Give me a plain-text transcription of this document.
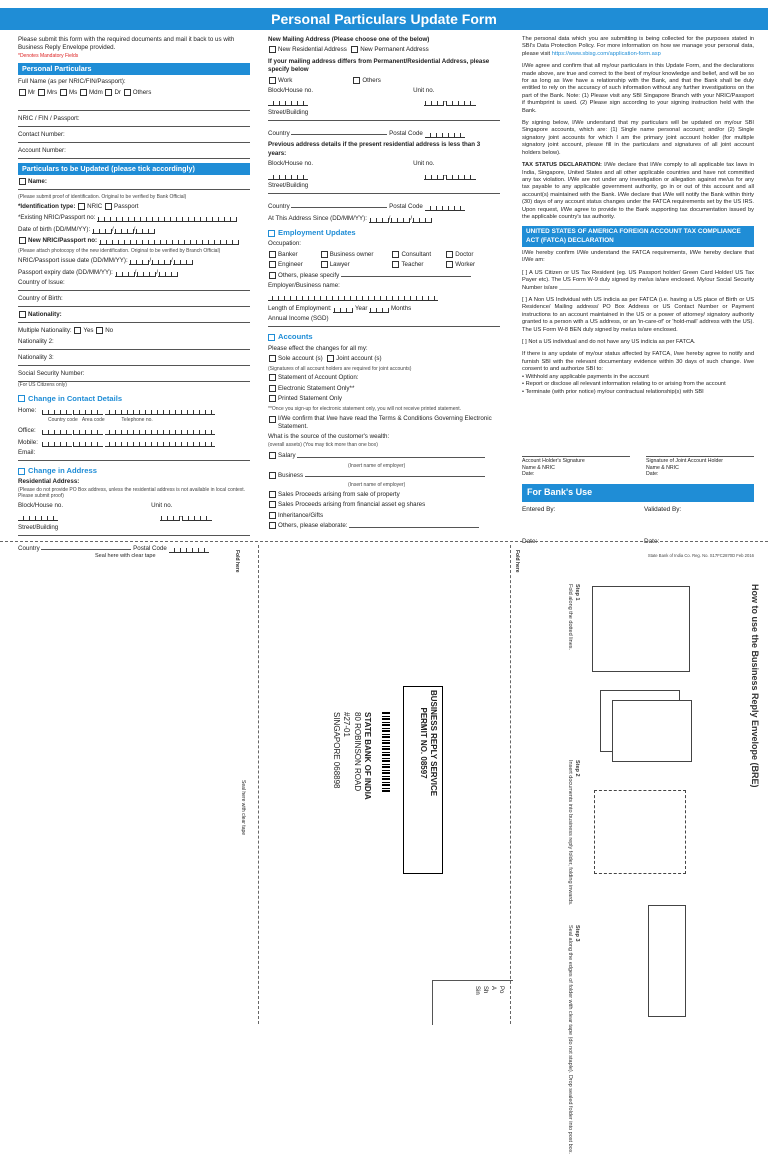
Personal Particulars Update Form
Please submit this form with the required documents and mail it back to us with Business Reply Envelope provided.
*Denotes Mandatory Fields
Personal Particulars
Full Name (as per NRIC/FIN/Passport):
Mr Mrs Ms Mdm Dr Others
NRIC / FIN / Passport:
Contact Number:
Account Number:
Particulars to be Updated (please tick accordingly)
Name:
(Please submit proof of identification. Original to be verified by Bank Official)
*Identification type: NRIC Passport
*Existing NRIC/Passport no:
Date of birth (DD/MM/YY):
New NRIC/Passport no:
(Please attach photocopy of the new identification. Original to be verified by Branch Official)
NRIC/Passport issue date (DD/MM/YY):
Passport expiry date (DD/MM/YY):
Country of Issue:
Country of Birth:
Nationality:
Multiple Nationality: Yes No
Nationality 2:
Nationality 3:
Social Security Number:
(For US Citizens only)
Change in Contact Details
Home:
Country code Area code	Telephone no.
Office:
Mobile:
Email:
Change in Address
Residential Address:
(Please do not provide PO Box address, unless the residential address is not available in local context. Please submit proof)
Block/House no.	Unit no.
-
Street/Building
Country	Postal Code
New Mailing Address (Please choose one of the below)
New Residential Address New Permanent Address
If your mailing address differs from Permanent/Residential Address, please specify below
Work	Others
Block/House no.	Unit no.
-
Street/Building
Country	Postal Code
Previous address details if the present residential address is less than 3 years:
Block/House no.	Unit no.
-
Street/Building
Country	Postal Code
At This Address Since (DD/MM/YY):
Employment Updates
Occupation:
Banker	Business owner	Consultant	Doctor
Engineer	Lawyer	Teacher	Worker
Others, please specify
Employer/Business name:
Length of Employment:	Year	Months
Annual Income (SGD)
Accounts
Please effect the changes for all my:
Sole account (s) Joint account (s)
(Signatures of all account holders are required for joint accounts)
Statement of Account Option:
Electronic Statement Only**
Printed Statement Only
**Once you sign-up for electronic statement only, you will not receive printed statement.
I/We confirm that I/we have read the Terms & Conditions Governing Electronic Statement.
What is the source of the customer's wealth:
(overall assets) (You may tick more than one box)
Salary
(Insert name of employer)
Business
(Insert name of employer)
Sales Proceeds arising from sale of property
Sales Proceeds arising from financial asset eg shares
Inheritance/Gifts
Others, please elaborate:
The personal data which you are submitting is being collected for the purposes stated in SBI's Data Protection Policy. For more information on how we manage your personal data, please visit https://www.sbisg.com/application-form.asp
I/We agree and confirm that all my/our particulars in this Update Form, and the declarations made above, are true and correct to the best of my/our knowledge and belief, and will be so for as long as I/we have a relationship with the Bank, and that the Bank shall be duly entitled to rely on the accuracy of such information without any further investigations on the part of the Bank. Note: (1) Please visit any SBI Singapore Branch with your NRIC/Passport if thumbprint is used. (2) Please sign according to your signing instruction held with the Bank.
By signing below, I/We understand that my particulars will be updated on my/our SBI Singapore accounts, which are: (1) Single name personal account; and/or (2) Single signatory joint accounts for which I am the primary joint account holder (for multiple signatory joint account, please fill in the particulars and signatures of all joint account holders below).
TAX STATUS DECLARATION: I/We declare that I/We comply to all applicable tax laws in India, Singapore, United States and all other applicable countries and have not committed any tax violation. I/We are not under any investigation or allegation against me/us for any tax payable to any applicable government authority, go in or out of this account and all account(s) maintained with the Bank. I/We declare that I/We will notify the Bank within thirty (30) days of any account status changes under the FATCA requirements set by the US IRS. Upon request, I/We agree to provide to the Bank supporting tax documentation issued by the applicable country's tax authority.
UNITED STATES OF AMERICA FOREIGN ACCOUNT TAX COMPLIANCE ACT (FATCA) DECLARATION
I/We hereby confirm I/We understand the FATCA requirements, I/We hereby declare that I/We am:
[ ] A US Citizen or US Tax Resident (eg. US Passport holder/ Green Card Holder/ US Tax Payer etc). The US Form W-9 duly signed by me/us is/are enclosed. My/our Social Security Number is/are ________________
[ ] A Non US Individual with US indicia as per FATCA (i.e. having a US place of Birth or US Residence/ Mailing address/ PO Box Address or US Contact Number or Payment instructions to an account maintained in the US or a power of attorney/ signatory authority granted to a person with a US address, or an 'in-care-of' or 'hold-mail' address with the US). The US Form W-8 BEN duly signed by me/us is/are enclosed.
[ ] Not a US individual and do not have any US indicia as per FATCA.
If there is any update of my/our status affected by FATCA, I/we hereby agree to notify and furnish SBI with the relevant documentary evidence within 30 days of such change. I/we consent to and authorize SBI to:
• Withhold any applicable payments in the account
• Report or disclose all relevant information relating to or arising from the account
• Terminate (with prior notice) my/our contractual relationship(s) with SBI
Account Holder's Signature
Name & NRIC
Date:
Signature of Joint Account Holder
Name & NRIC
Date:
For Bank's Use
Entered By:	Validated By:
Date:	Date:
State Bank of India Co. Reg. No. S17FC2870D Feb 2016
Seal here with clear tape	Fold here	Fold here
Seal here with clear tape
BUSINESS REPLY SERVICE
PERMIT NO. 08597
STATE BANK OF INDIA
80 ROBINSON ROAD
#27-01
SINGAPORE 068898
Po
A
Sh
Sin
How to use the Business Reply Envelope (BRE)
Step 1
Fold along the dotted lines.
Step 2
Insert documents into business reply folder, folding inwards.
Step 3
Seal along the edges of folder with clear tape (do not staple). Drop sealed folder into post box.
